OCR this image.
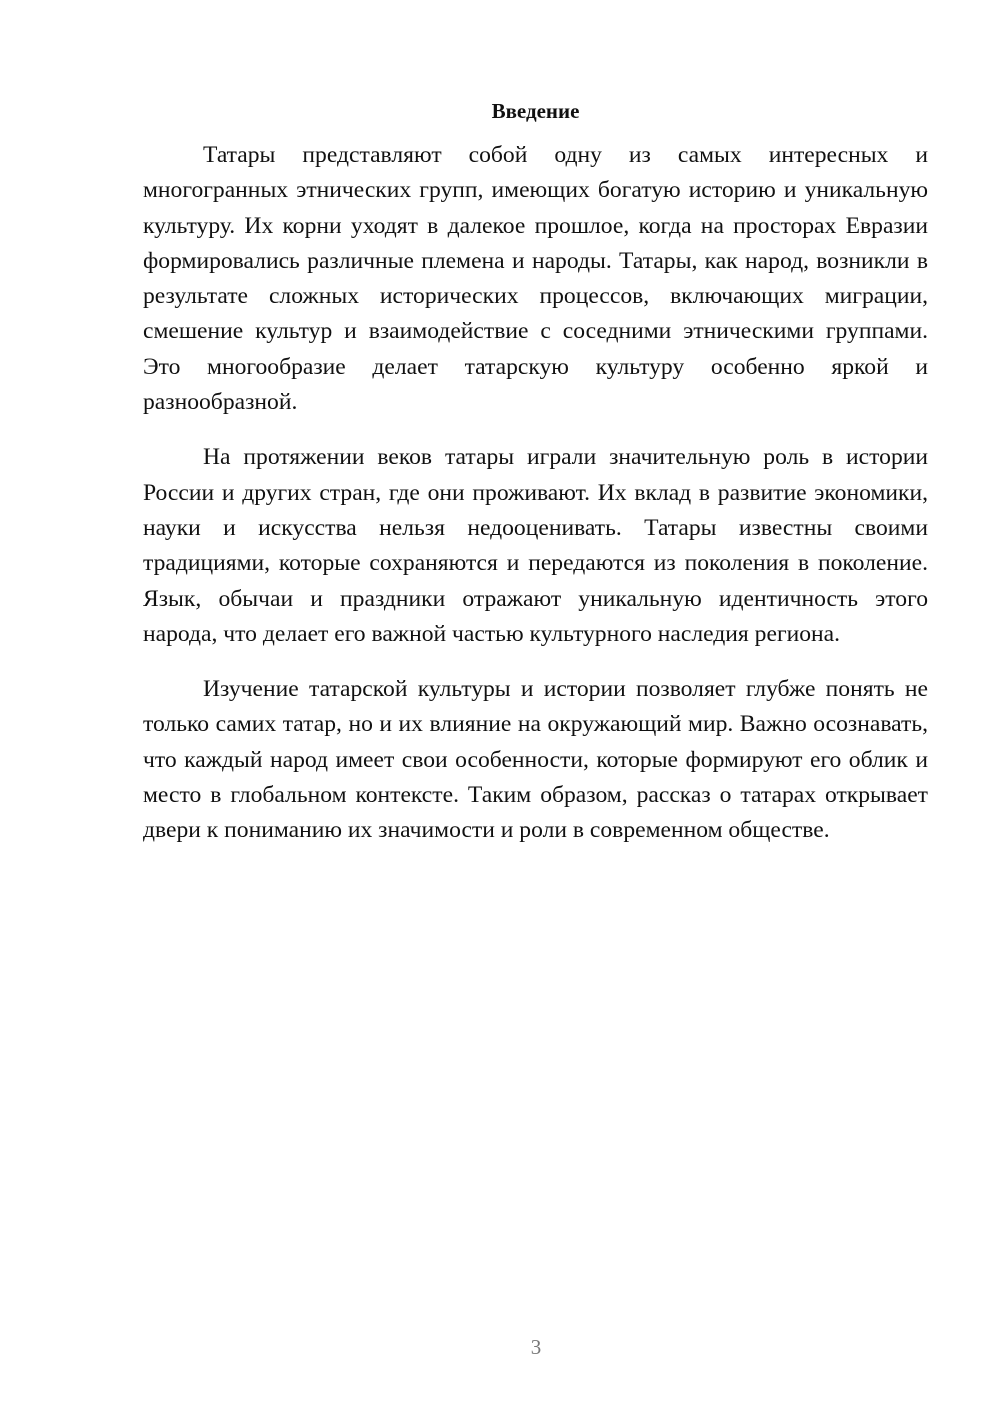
Введение

Татары представляют собой одну из самых интересных и многогранных этнических групп, имеющих богатую историю и уникальную культуру. Их корни уходят в далекое прошлое, когда на просторах Евразии формировались различные племена и народы. Татары, как народ, возникли в результате сложных исторических процессов, включающих миграции, смешение культур и взаимодействие с соседними этническими группами. Это многообразие делает татарскую культуру особенно яркой и разнообразной.

На протяжении веков татары играли значительную роль в истории России и других стран, где они проживают. Их вклад в развитие экономики, науки и искусства нельзя недооценивать. Татары известны своими традициями, которые сохраняются и передаются из поколения в поколение. Язык, обычаи и праздники отражают уникальную идентичность этого народа, что делает его важной частью культурного наследия региона.

Изучение татарской культуры и истории позволяет глубже понять не только самих татар, но и их влияние на окружающий мир. Важно осознавать, что каждый народ имеет свои особенности, которые формируют его облик и место в глобальном контексте. Таким образом, рассказ о татарах открывает двери к пониманию их значимости и роли в современном обществе.

3
